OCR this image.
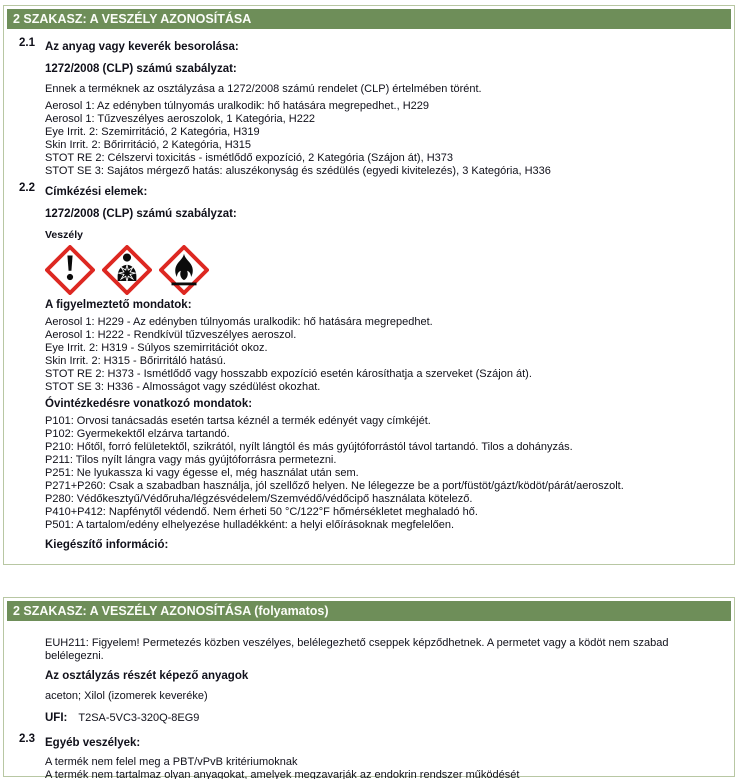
2 SZAKASZ: A VESZÉLY AZONOSÍTÁSA
2.1 Az anyag vagy keverék besorolása:
1272/2008 (CLP) számú szabályzat:
Ennek a terméknek az osztályzása a 1272/2008 számú rendelet (CLP) értelmében törént.
Aerosol 1: Az edényben túlnyomás uralkodik: hő hatására megrepedhet., H229
Aerosol 1: Tűzveszélyes aeroszolok, 1 Kategória, H222
Eye Irrit. 2: Szemirritáció, 2 Kategória, H319
Skin Irrit. 2: Bőrirritáció, 2 Kategória, H315
STOT RE 2: Célszervi toxicitás - ismétlődő expozíció, 2 Kategória (Szájon át), H373
STOT SE 3: Sajátos mérgező hatás: aluszékonyság és szédülés (egyedi kivitelezés), 3 Kategória, H336
2.2 Címkézési elemek:
1272/2008 (CLP) számú szabályzat:
Veszély
A figyelmeztető mondatok:
Aerosol 1: H229 - Az edényben túlnyomás uralkodik: hő hatására megrepedhet.
Aerosol 1: H222 - Rendkívül tűzveszélyes aeroszol.
Eye Irrit. 2: H319 - Súlyos szemirritációt okoz.
Skin Irrit. 2: H315 - Bőrirritáló hatású.
STOT RE 2: H373 - Ismétlődő vagy hosszabb expozíció esetén károsíthatja a szerveket (Szájon át).
STOT SE 3: H336 - Almosságot vagy szédülést okozhat.
Óvintézkedésre vonatkozó mondatok:
P101: Orvosi tanácsadás esetén tartsa kéznél a termék edényét vagy címkéjét.
P102: Gyermekektől elzárva tartandó.
P210: Hőtől, forró felületektől, szikrától, nyílt lángtól és más gyújtóforrástól távol tartandó. Tilos a dohányzás.
P211: Tilos nyílt lángra vagy más gyújtóforrásra permetezni.
P251: Ne lyukassza ki vagy égesse el, még használat után sem.
P271+P260: Csak a szabadban használja, jól szellőző helyen. Ne lélegezze be a port/füstöt/gázt/ködöt/párát/aeroszolt.
P280: Védőkesztyű/Védőruha/légzésvédelem/Szemvédő/védőcipő használata kötelező.
P410+P412: Napfénytől védendő. Nem érheti 50 °C/122°F hőmérsékletet meghaladó hő.
P501: A tartalom/edény elhelyezése hulladékként: a helyi előírásoknak megfelelően.
Kiegészítő információ:
2 SZAKASZ: A VESZÉLY AZONOSÍTÁSA (folyamatos)
EUH211: Figyelem! Permetezés közben veszélyes, belélegezhető cseppek képződhetnek. A permetet vagy a ködöt nem szabad belélegezni.
Az osztályzás részét képező anyagok
aceton; Xilol (izomerek keveréke)
UFI: T2SA-5VC3-320Q-8EG9
2.3 Egyéb veszélyek:
A termék nem felel meg a PBT/vPvB kritériumoknak
A termék nem tartalmaz olyan anyagokat, amelyek megzavarják az endokrin rendszer működését
